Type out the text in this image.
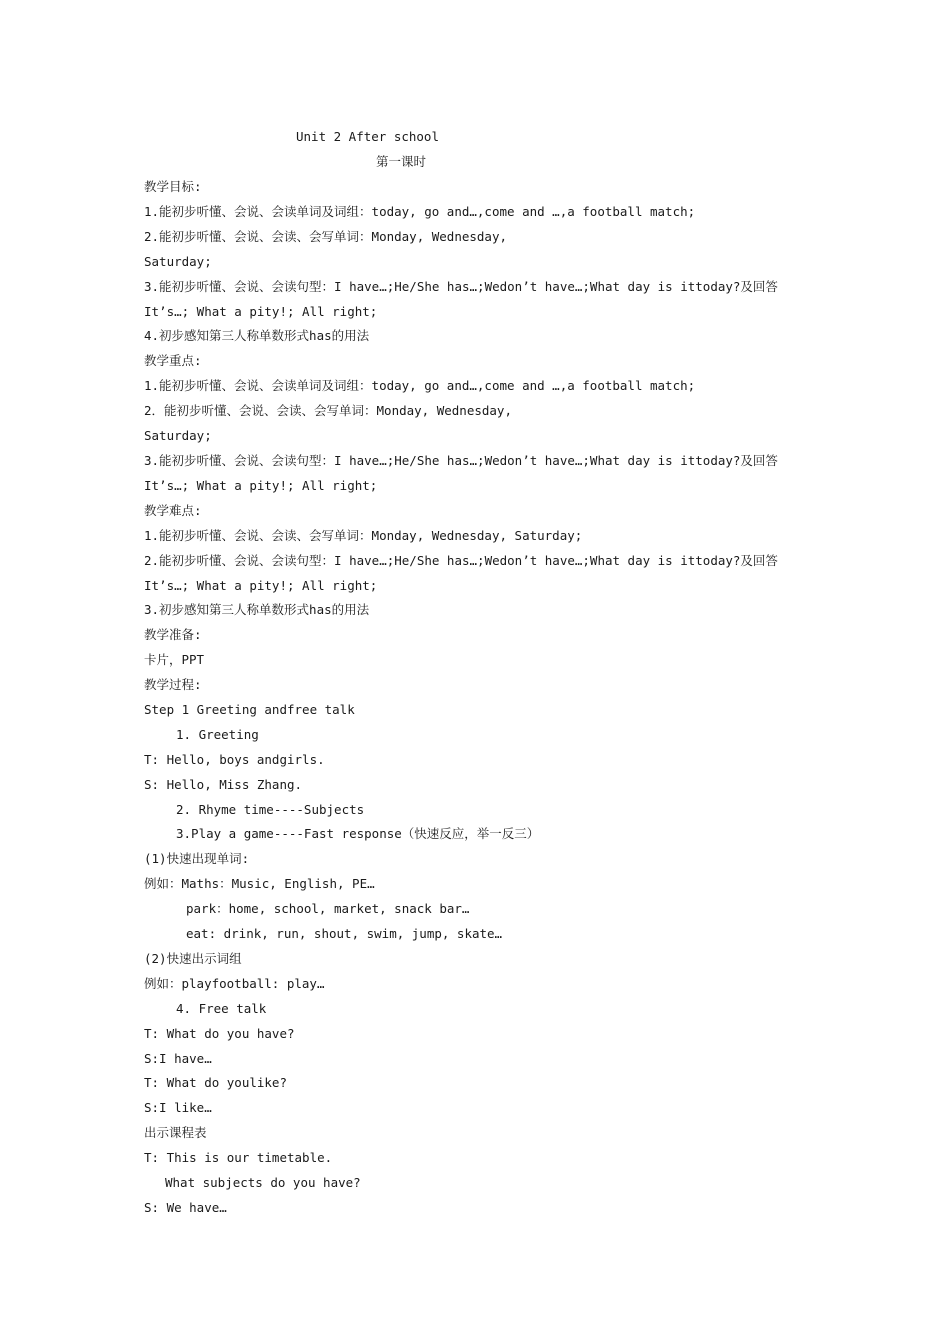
Unit 2 After school
第一课时
教学目标:
1.能初步听懂、会说、会读单词及词组：today, go and…,come and …,a football match;
2.能初步听懂、会说、会读、会写单词：Monday, Wednesday,
Saturday;
3.能初步听懂、会说、会读句型：I have…;He/She has…;Wedon’t have…;What day is ittoday?及回答
It’s…; What a pity!; All right;
4.初步感知第三人称单数形式has的用法
教学重点:
1.能初步听懂、会说、会读单词及词组：today, go and…,come and …,a football match;
2．能初步听懂、会说、会读、会写单词：Monday, Wednesday,
Saturday;
3.能初步听懂、会说、会读句型：I have…;He/She has…;Wedon’t have…;What day is ittoday?及回答
It’s…; What a pity!; All right;
教学难点:
1.能初步听懂、会说、会读、会写单词：Monday, Wednesday, Saturday;
2.能初步听懂、会说、会读句型：I have…;He/She has…;Wedon’t have…;What day is ittoday?及回答
It’s…; What a pity!; All right;
3.初步感知第三人称单数形式has的用法
教学准备:
卡片，PPT
教学过程:
Step 1 Greeting andfree talk
1. Greeting
T: Hello, boys andgirls.
S: Hello, Miss Zhang.
2. Rhyme time----Subjects
3.Play a game----Fast response（快速反应，举一反三）
(1)快速出现单词:
例如：Maths：Music, English, PE…
park：home, school, market, snack bar…
eat: drink, run, shout, swim, jump, skate…
(2)快速出示词组
例如：playfootball: play…
4. Free talk
T: What do you have?
S:I have…
T: What do youlike?
S:I like…
出示课程表
T: This is our timetable.
What subjects do you have?
S: We have…
